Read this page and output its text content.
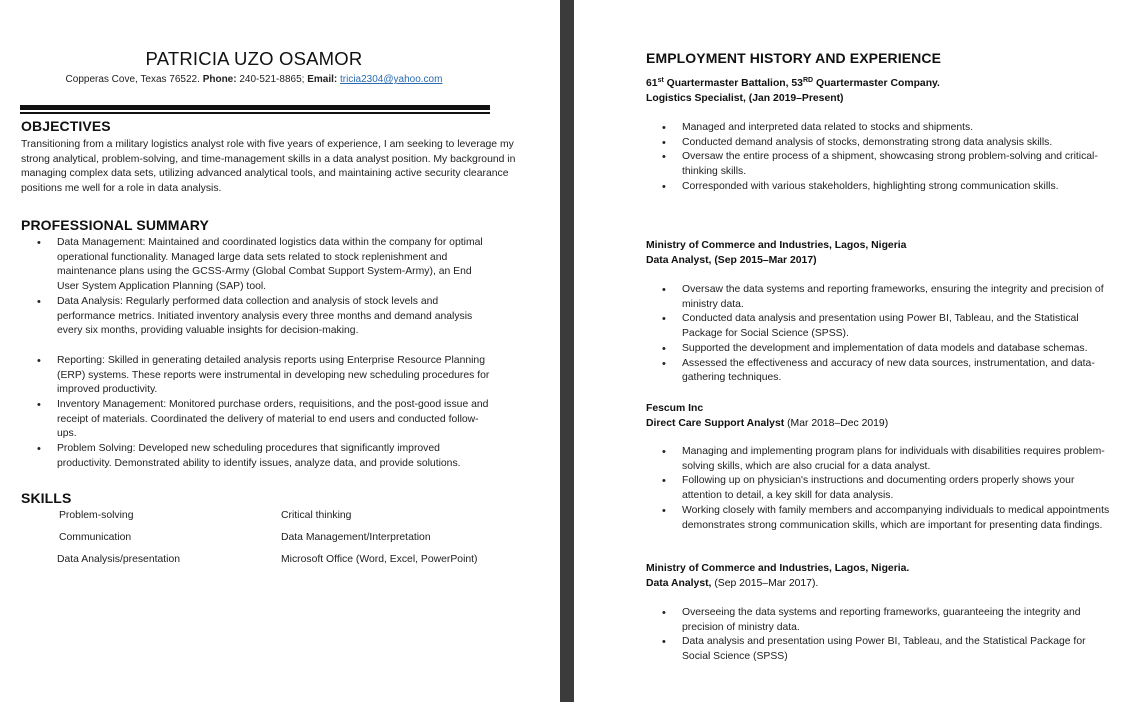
PATRICIA UZO OSAMOR
Copperas Cove, Texas 76522. Phone: 240-521-8865; Email: tricia2304@yahoo.com
OBJECTIVES
Transitioning from a military logistics analyst role with five years of experience, I am seeking to leverage my strong analytical, problem-solving, and time-management skills in a data analyst position. My background in managing complex data sets, utilizing advanced analytical tools, and maintaining active security clearance positions me well for a role in data analysis.
PROFESSIONAL SUMMARY
• Data Management: Maintained and coordinated logistics data within the company for optimal operational functionality. Managed large data sets related to stock replenishment and maintenance plans using the GCSS-Army (Global Combat Support System-Army), an End User System Application Planning (SAP) tool.
• Data Analysis: Regularly performed data collection and analysis of stock levels and performance metrics. Initiated inventory analysis every three months and demand analysis every six months, providing valuable insights for decision-making.
• Reporting: Skilled in generating detailed analysis reports using Enterprise Resource Planning (ERP) systems. These reports were instrumental in developing new scheduling procedures for improved productivity.
• Inventory Management: Monitored purchase orders, requisitions, and the post-good issue and receipt of materials. Coordinated the delivery of material to end users and conducted follow-ups.
• Problem Solving: Developed new scheduling procedures that significantly improved productivity. Demonstrated ability to identify issues, analyze data, and provide solutions.
SKILLS
Problem-solving	Critical thinking
Communication	Data Management/Interpretation
Data Analysis/presentation	Microsoft Office (Word, Excel, PowerPoint)
EMPLOYMENT HISTORY AND EXPERIENCE
61st Quartermaster Battalion, 53RD Quartermaster Company.
Logistics Specialist, (Jan 2019–Present)
• Managed and interpreted data related to stocks and shipments.
• Conducted demand analysis of stocks, demonstrating strong data analysis skills.
• Oversaw the entire process of a shipment, showcasing strong problem-solving and critical-thinking skills.
• Corresponded with various stakeholders, highlighting strong communication skills.
Ministry of Commerce and Industries, Lagos, Nigeria
Data Analyst, (Sep 2015–Mar 2017)
• Oversaw the data systems and reporting frameworks, ensuring the integrity and precision of ministry data.
• Conducted data analysis and presentation using Power BI, Tableau, and the Statistical Package for Social Science (SPSS).
• Supported the development and implementation of data models and database schemas.
• Assessed the effectiveness and accuracy of new data sources, instrumentation, and data-gathering techniques.
Fescum Inc
Direct Care Support Analyst (Mar 2018–Dec 2019)
• Managing and implementing program plans for individuals with disabilities requires problem-solving skills, which are also crucial for a data analyst.
• Following up on physician's instructions and documenting orders properly shows your attention to detail, a key skill for data analysis.
• Working closely with family members and accompanying individuals to medical appointments demonstrates strong communication skills, which are important for presenting data findings.
Ministry of Commerce and Industries, Lagos, Nigeria.
Data Analyst, (Sep 2015–Mar 2017).
• Overseeing the data systems and reporting frameworks, guaranteeing the integrity and precision of ministry data.
• Data analysis and presentation using Power BI, Tableau, and the Statistical Package for Social Science (SPSS)
